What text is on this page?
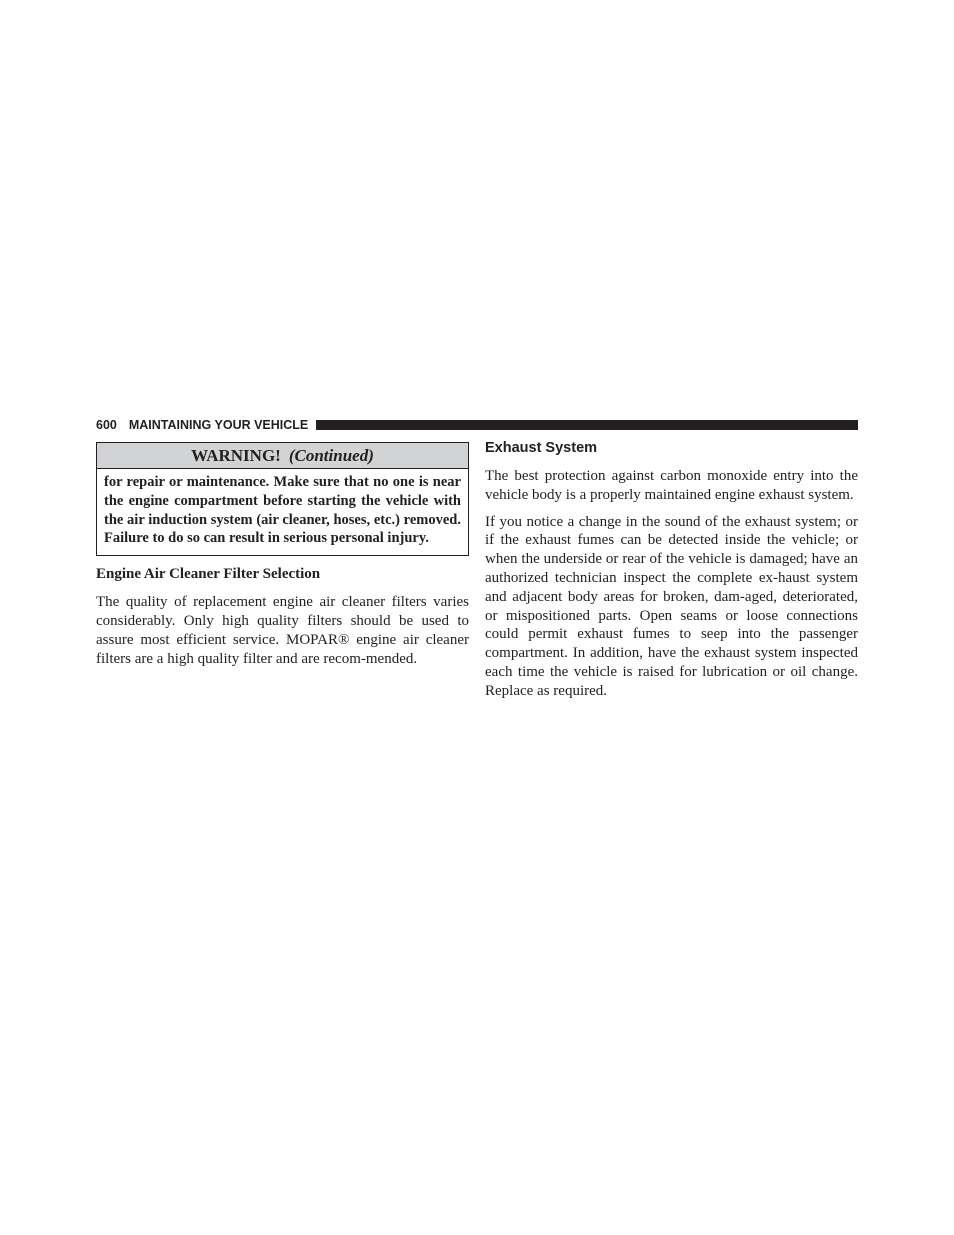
600 MAINTAINING YOUR VEHICLE
WARNING! (Continued)
for repair or maintenance. Make sure that no one is near the engine compartment before starting the vehicle with the air induction system (air cleaner, hoses, etc.) removed. Failure to do so can result in serious personal injury.
Engine Air Cleaner Filter Selection

The quality of replacement engine air cleaner filters varies considerably. Only high quality filters should be used to assure most efficient service. MOPAR® engine air cleaner filters are a high quality filter and are recom-mended.

Exhaust System

The best protection against carbon monoxide entry into the vehicle body is a properly maintained engine exhaust system.

If you notice a change in the sound of the exhaust system; or if the exhaust fumes can be detected inside the vehicle; or when the underside or rear of the vehicle is damaged; have an authorized technician inspect the complete ex-haust system and adjacent body areas for broken, dam-aged, deteriorated, or mispositioned parts. Open seams or loose connections could permit exhaust fumes to seep into the passenger compartment. In addition, have the exhaust system inspected each time the vehicle is raised for lubrication or oil change. Replace as required.
